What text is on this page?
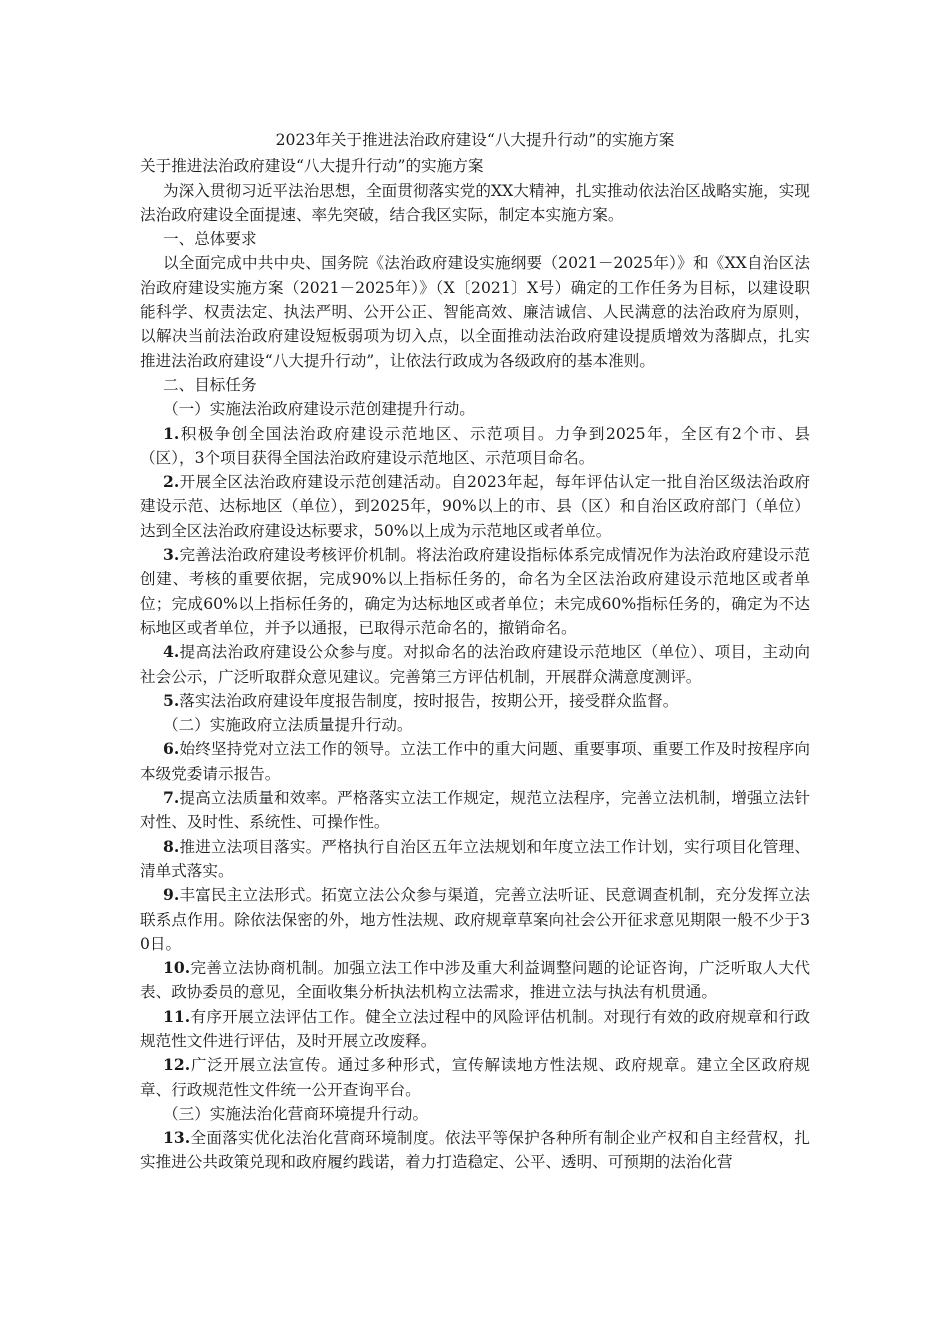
2023年关于推进法治政府建设“八大提升行动”的实施方案

关于推进法治政府建设“八大提升行动”的实施方案

为深入贯彻习近平法治思想，全面贯彻落实党的XX大精神，扎实推动依法治区战略实施，实现法治政府建设全面提速、率先突破，结合我区实际，制定本实施方案。

一、总体要求

以全面完成中共中央、国务院《法治政府建设实施纲要（2021－2025年）》和《XX自治区法治政府建设实施方案（2021－2025年）》（X〔2021〕X号）确定的工作任务为目标，以建设职能科学、权责法定、执法严明、公开公正、智能高效、廉洁诚信、人民满意的法治政府为原则，以解决当前法治政府建设短板弱项为切入点，以全面推动法治政府建设提质增效为落脚点，扎实推进法治政府建设“八大提升行动”，让依法行政成为各级政府的基本准则。

二、目标任务

（一）实施法治政府建设示范创建提升行动。

1.积极争创全国法治政府建设示范地区、示范项目。力争到2025年，全区有2个市、县（区），3个项目获得全国法治政府建设示范地区、示范项目命名。

2.开展全区法治政府建设示范创建活动。自2023年起，每年评估认定一批自治区级法治政府建设示范、达标地区（单位），到2025年，90%以上的市、县（区）和自治区政府部门（单位）达到全区法治政府建设达标要求，50%以上成为示范地区或者单位。

3.完善法治政府建设考核评价机制。将法治政府建设指标体系完成情况作为法治政府建设示范创建、考核的重要依据，完成90%以上指标任务的，命名为全区法治政府建设示范地区或者单位；完成60%以上指标任务的，确定为达标地区或者单位；未完成60%指标任务的，确定为不达标地区或者单位，并予以通报，已取得示范命名的，撤销命名。

4.提高法治政府建设公众参与度。对拟命名的法治政府建设示范地区（单位）、项目，主动向社会公示，广泛听取群众意见建议。完善第三方评估机制，开展群众满意度测评。

5.落实法治政府建设年度报告制度，按时报告，按期公开，接受群众监督。

（二）实施政府立法质量提升行动。

6.始终坚持党对立法工作的领导。立法工作中的重大问题、重要事项、重要工作及时按程序向本级党委请示报告。

7.提高立法质量和效率。严格落实立法工作规定，规范立法程序，完善立法机制，增强立法针对性、及时性、系统性、可操作性。

8.推进立法项目落实。严格执行自治区五年立法规划和年度立法工作计划，实行项目化管理、清单式落实。

9.丰富民主立法形式。拓宽立法公众参与渠道，完善立法听证、民意调查机制，充分发挥立法联系点作用。除依法保密的外，地方性法规、政府规章草案向社会公开征求意见期限一般不少于30日。

10.完善立法协商机制。加强立法工作中涉及重大利益调整问题的论证咨询，广泛听取人大代表、政协委员的意见，全面收集分析执法机构立法需求，推进立法与执法有机贯通。

11.有序开展立法评估工作。健全立法过程中的风险评估机制。对现行有效的政府规章和行政规范性文件进行评估，及时开展立改废释。

12.广泛开展立法宣传。通过多种形式，宣传解读地方性法规、政府规章。建立全区政府规章、行政规范性文件统一公开查询平台。

（三）实施法治化营商环境提升行动。

13.全面落实优化法治化营商环境制度。依法平等保护各种所有制企业产权和自主经营权，扎实推进公共政策兑现和政府履约践诺，着力打造稳定、公平、透明、可预期的法治化营
